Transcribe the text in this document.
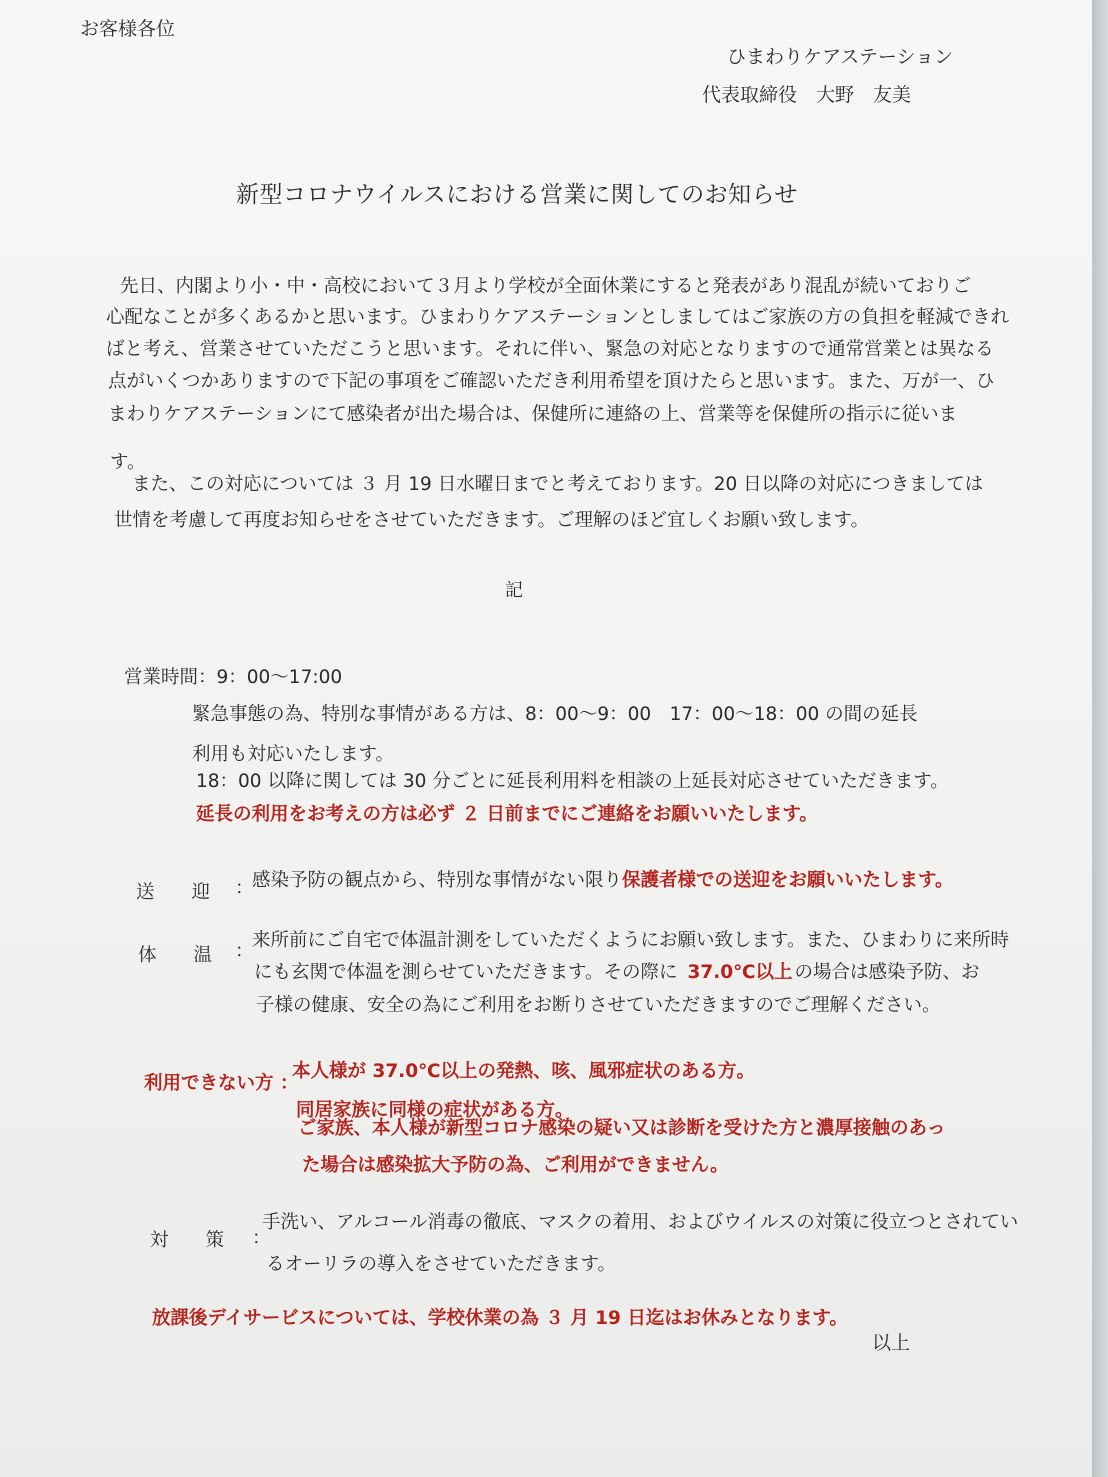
お客様各位
ひまわりケアステーション
代表取締役　大野　友美
新型コロナウイルスにおける営業に関してのお知らせ
先日、内閣より小・中・高校において３月より学校が全面休業にすると発表があり混乱が続いておりご
心配なことが多くあるかと思います。ひまわりケアステーションとしましてはご家族の方の負担を軽減できれ
ばと考え、営業させていただこうと思います。それに伴い、緊急の対応となりますので通常営業とは異なる
点がいくつかありますので下記の事項をご確認いただき利用希望を頂けたらと思います。また、万が一、ひ
まわりケアステーションにて感染者が出た場合は、保健所に連絡の上、営業等を保健所の指示に従いま
す。
また、この対応については ３ 月 19 日水曜日までと考えております。20 日以降の対応につきましては
世情を考慮して再度お知らせをさせていただきます。ご理解のほど宜しくお願い致します。
記
営業時間：9：00～17:00
緊急事態の為、特別な事情がある方は、8：00～9：00　17：00～18：00 の間の延長
利用も対応いたします。
18：00 以降に関しては 30 分ごとに延長利用料を相談の上延長対応させていただきます。
延長の利用をお考えの方は必ず ２ 日前までにご連絡をお願いいたします。
送　　迎 ：
感染予防の観点から、特別な事情がない限り保護者様での送迎をお願いいたします。
体　　温 ：
来所前にご自宅で体温計測をしていただくようにお願い致します。また、ひまわりに来所時
にも玄関で体温を測らせていただきます。その際に 37.0℃以上 の場合は感染予防、お
子様の健康、安全の為にご利用をお断りさせていただきますのでご理解ください。
利用できない方 ：
本人様が 37.0℃以上の発熱、咳、風邪症状のある方。
同居家族に同様の症状がある方。
ご家族、本人様が新型コロナ感染の疑い又は診断を受けた方と濃厚接触のあっ
た場合は感染拡大予防の為、ご利用ができません。
対　　策 ：
手洗い、アルコール消毒の徹底、マスクの着用、およびウイルスの対策に役立つとされてい
るオーリラの導入をさせていただきます。
放課後デイサービスについては、学校休業の為 ３ 月 19 日迄はお休みとなります。
以上
